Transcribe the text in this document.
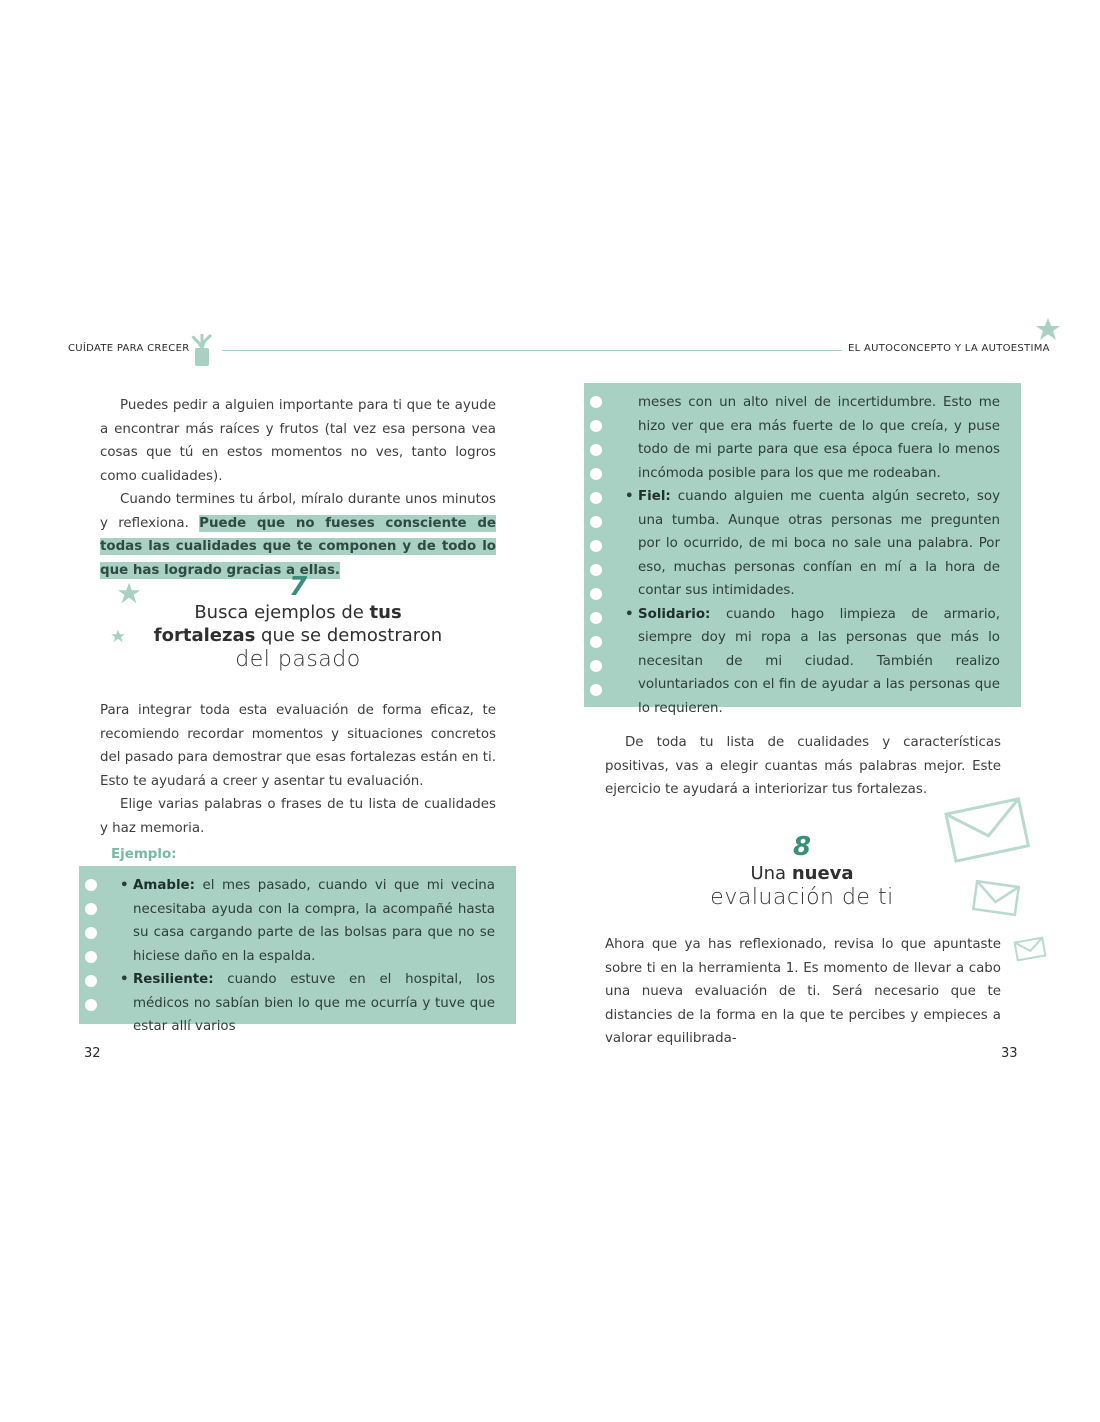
CUÍDATE PARA CRECER	EL AUTOCONCEPTO Y LA AUTOESTIMA

Puedes pedir a alguien importante para ti que te ayude a encontrar más raíces y frutos (tal vez esa persona vea cosas que tú en estos momentos no ves, tanto logros como cualidades).

Cuando termines tu árbol, míralo durante unos minutos y reflexiona. Puede que no fueses consciente de todas las cualidades que te componen y de todo lo que has logrado gracias a ellas.

7
Busca ejemplos de tus
fortalezas que se demostraron
del pasado

Para integrar toda esta evaluación de forma eficaz, te recomiendo recordar momentos y situaciones concretos del pasado para demostrar que esas fortalezas están en ti. Esto te ayudará a creer y asentar tu evaluación.

Elige varias palabras o frases de tu lista de cualidades y haz memoria.

Ejemplo:

• Amable: el mes pasado, cuando vi que mi vecina necesitaba ayuda con la compra, la acompañé hasta su casa cargando parte de las bolsas para que no se hiciese daño en la espalda.

• Resiliente: cuando estuve en el hospital, los médicos no sabían bien lo que me ocurría y tuve que estar allí varios

32

meses con un alto nivel de incertidumbre. Esto me hizo ver que era más fuerte de lo que creía, y puse todo de mi parte para que esa época fuera lo menos incómoda posible para los que me rodeaban.

• Fiel: cuando alguien me cuenta algún secreto, soy una tumba. Aunque otras personas me pregunten por lo ocurrido, de mi boca no sale una palabra. Por eso, muchas personas confían en mí a la hora de contar sus intimidades.

• Solidario: cuando hago limpieza de armario, siempre doy mi ropa a las personas que más lo necesitan de mi ciudad. También realizo voluntariados con el fin de ayudar a las personas que lo requieren.

De toda tu lista de cualidades y características positivas, vas a elegir cuantas más palabras mejor. Este ejercicio te ayudará a interiorizar tus fortalezas.

8
Una nueva
evaluación de ti

Ahora que ya has reflexionado, revisa lo que apuntaste sobre ti en la herramienta 1. Es momento de llevar a cabo una nueva evaluación de ti. Será necesario que te distancies de la forma en la que te percibes y empieces a valorar equilibrada-

33
